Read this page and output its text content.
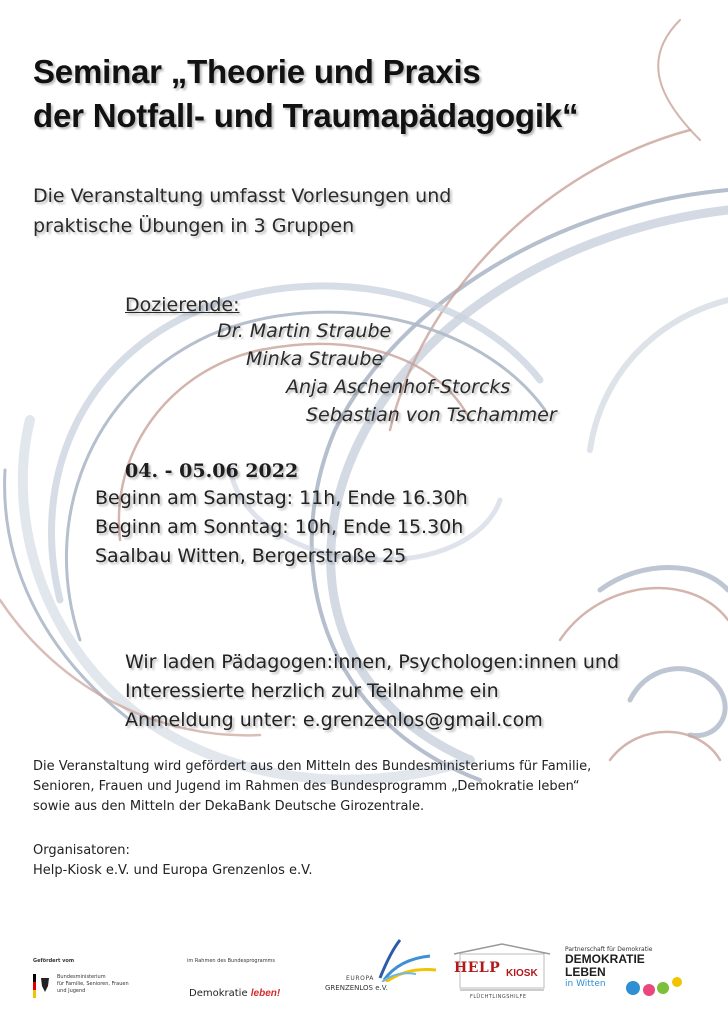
Seminar „Theorie und Praxis
der Notfall- und Traumapädagogik“
Die Veranstaltung umfasst Vorlesungen und
praktische Übungen in 3 Gruppen
Dozierende:
Dr. Martin Straube
Minka Straube
Anja Aschenhof-Storcks
Sebastian von Tschammer
04. - 05.06 2022
Beginn am Samstag: 11h, Ende 16.30h
Beginn am Sonntag: 10h, Ende 15.30h
Saalbau Witten, Bergerstraße 25
Wir laden Pädagogen:innen, Psychologen:innen und
Interessierte herzlich zur Teilnahme ein
Anmeldung unter: e.grenzenlos@gmail.com
Die Veranstaltung wird gefördert aus den Mitteln des Bundesministeriums für Familie,
Senioren, Frauen und Jugend im Rahmen des Bundesprogramm „Demokratie leben“
sowie aus den Mitteln der DekaBank Deutsche Girozentrale.
Organisatoren:
Help-Kiosk e.V. und Europa Grenzenlos e.V.
Gefördert vom
Bundesministerium
für Familie, Senioren, Frauen
und Jugend
im Rahmen des Bundesprogramms
Demokratie leben!
EUROPA
GRENZENLOS e.V.
HELP KIOSK
FLÜCHTLINGSHILFE
Partnerschaft für Demokratie
DEMOKRATIE
LEBEN
in Witten
